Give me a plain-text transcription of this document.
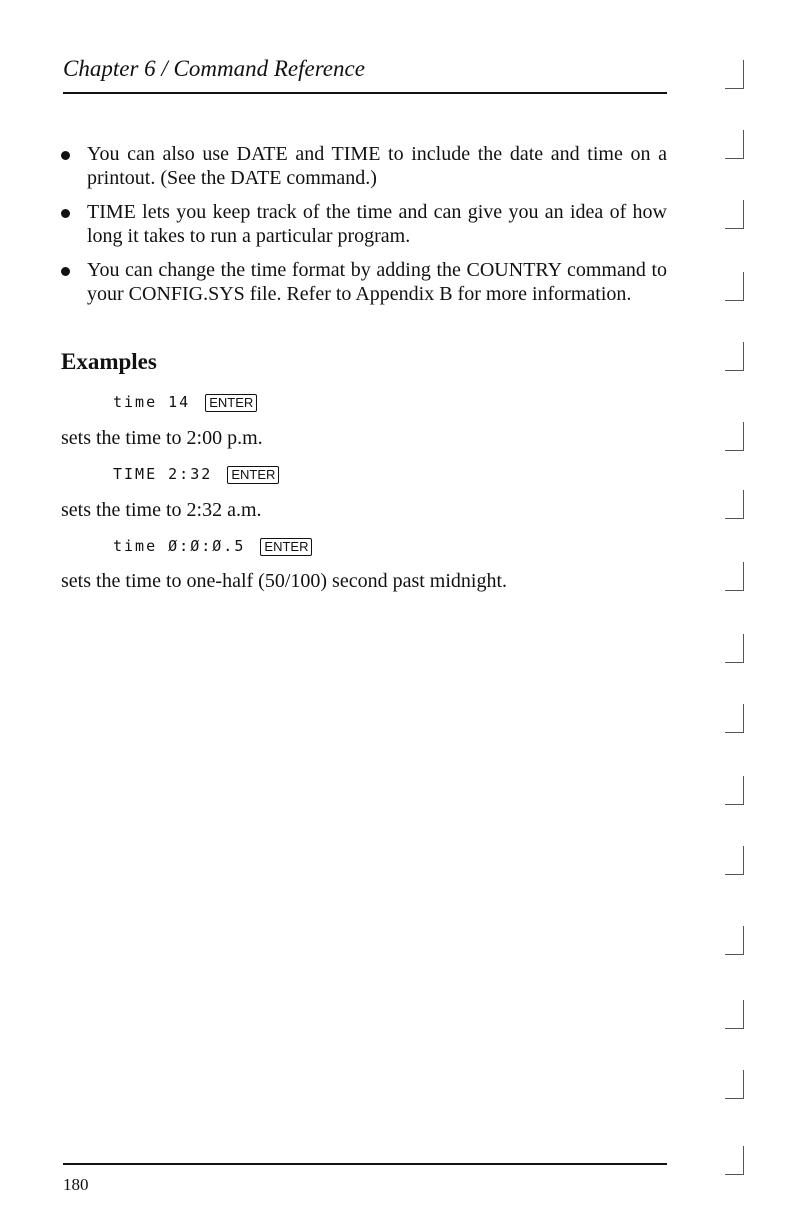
Chapter 6 / Command Reference
You can also use DATE and TIME to include the date and time on a printout. (See the DATE command.)
TIME lets you keep track of the time and can give you an idea of how long it takes to run a particular program.
You can change the time format by adding the COUNTRY command to your CONFIG.SYS file. Refer to Appendix B for more information.
Examples
time 14 ENTER
sets the time to 2:00 p.m.
TIME 2:32 ENTER
sets the time to 2:32 a.m.
time Ø:Ø:Ø.5 ENTER
sets the time to one-half (50/100) second past midnight.
180
